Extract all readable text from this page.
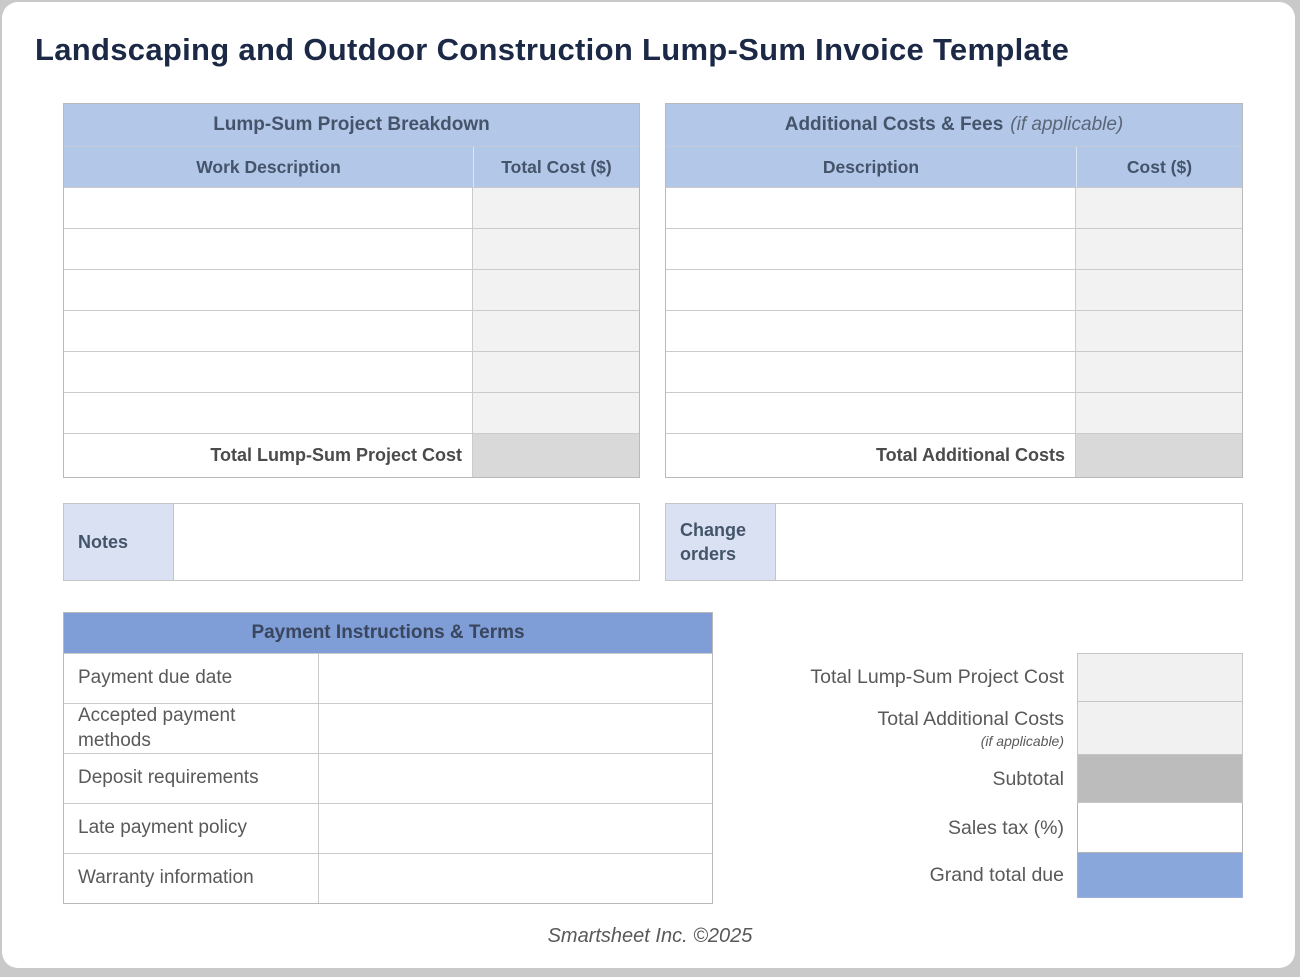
Landscaping and Outdoor Construction Lump-Sum Invoice Template
Lump-Sum Project Breakdown
Work Description	Total Cost ($)
Total Lump-Sum Project Cost
Additional Costs & Fees (if applicable)
Description	Cost ($)
Total Additional Costs
Notes
Change orders
Payment Instructions & Terms
Payment due date
Accepted payment methods
Deposit requirements
Late payment policy
Warranty information
Total Lump-Sum Project Cost
Total Additional Costs
(if applicable)
Subtotal
Sales tax (%)
Grand total due
Smartsheet Inc. ©2025
